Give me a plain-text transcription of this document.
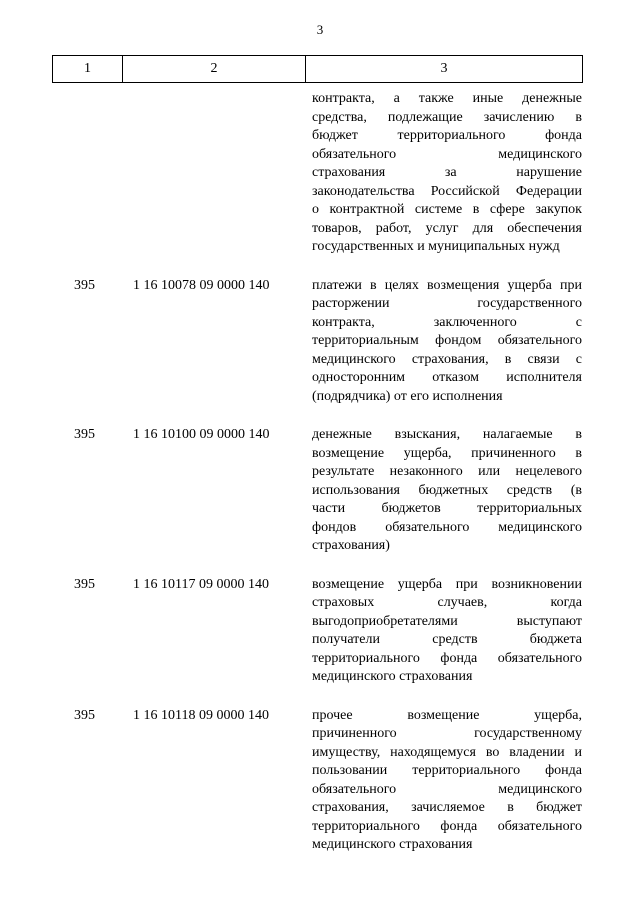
3
1	2	3
контракта, а также иные денежные
средства, подлежащие зачислению в
бюджет территориального фонда
обязательного медицинского
страхования за нарушение
законодательства Российской Федерации
о контрактной системе в сфере закупок
товаров, работ, услуг для обеспечения
государственных и муниципальных нужд
395	1 16 10078 09 0000 140	платежи в целях возмещения ущерба при
расторжении государственного
контракта, заключенного с
территориальным фондом обязательного
медицинского страхования, в связи с
односторонним отказом исполнителя
(подрядчика) от его исполнения
395	1 16 10100 09 0000 140	денежные взыскания, налагаемые в
возмещение ущерба, причиненного в
результате незаконного или нецелевого
использования бюджетных средств (в
части бюджетов территориальных
фондов обязательного медицинского
страхования)
395	1 16 10117 09 0000 140	возмещение ущерба при возникновении
страховых случаев, когда
выгодоприобретателями выступают
получатели средств бюджета
территориального фонда обязательного
медицинского страхования
395	1 16 10118 09 0000 140	прочее возмещение ущерба,
причиненного государственному
имуществу, находящемуся во владении и
пользовании территориального фонда
обязательного медицинского
страхования, зачисляемое в бюджет
территориального фонда обязательного
медицинского страхования
